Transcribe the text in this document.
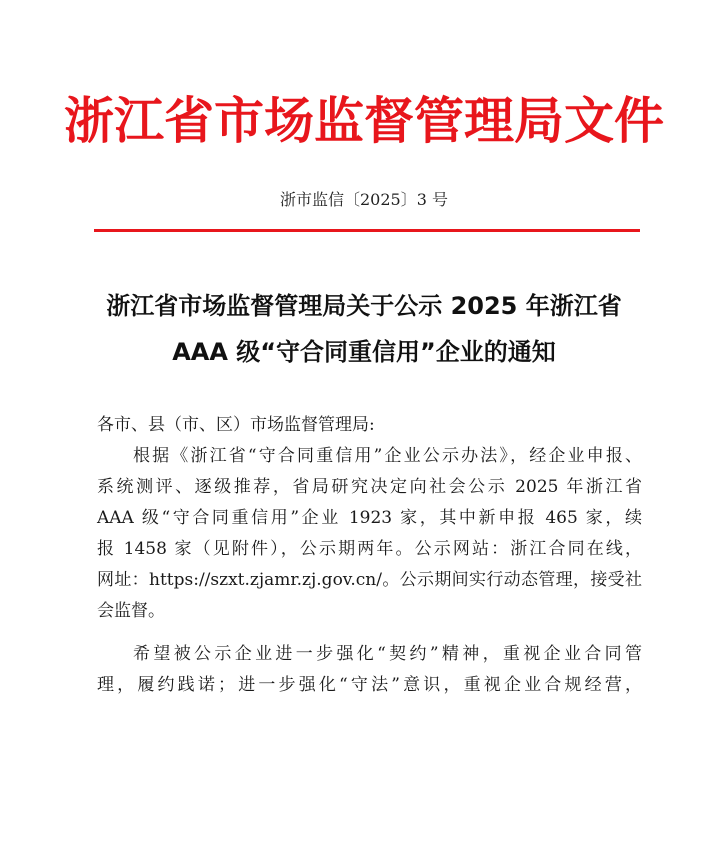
浙江省市场监督管理局文件
浙市监信〔2025〕3 号
浙江省市场监督管理局关于公示 2025 年浙江省
AAA 级“守合同重信用”企业的通知
各市、县（市、区）市场监督管理局:
根据《浙江省“守合同重信用”企业公示办法》，经企业申报、
系统测评、逐级推荐，省局研究决定向社会公示 2025 年浙江省
AAA 级“守合同重信用”企业 1923 家，其中新申报 465 家，续
报 1458 家（见附件），公示期两年。公示网站：浙江合同在线，
网址：https://szxt.zjamr.zj.gov.cn/。公示期间实行动态管理，接受社
会监督。
希望被公示企业进一步强化“契约”精神，重视企业合同管
理，履约践诺；进一步强化“守法”意识，重视企业合规经营，
